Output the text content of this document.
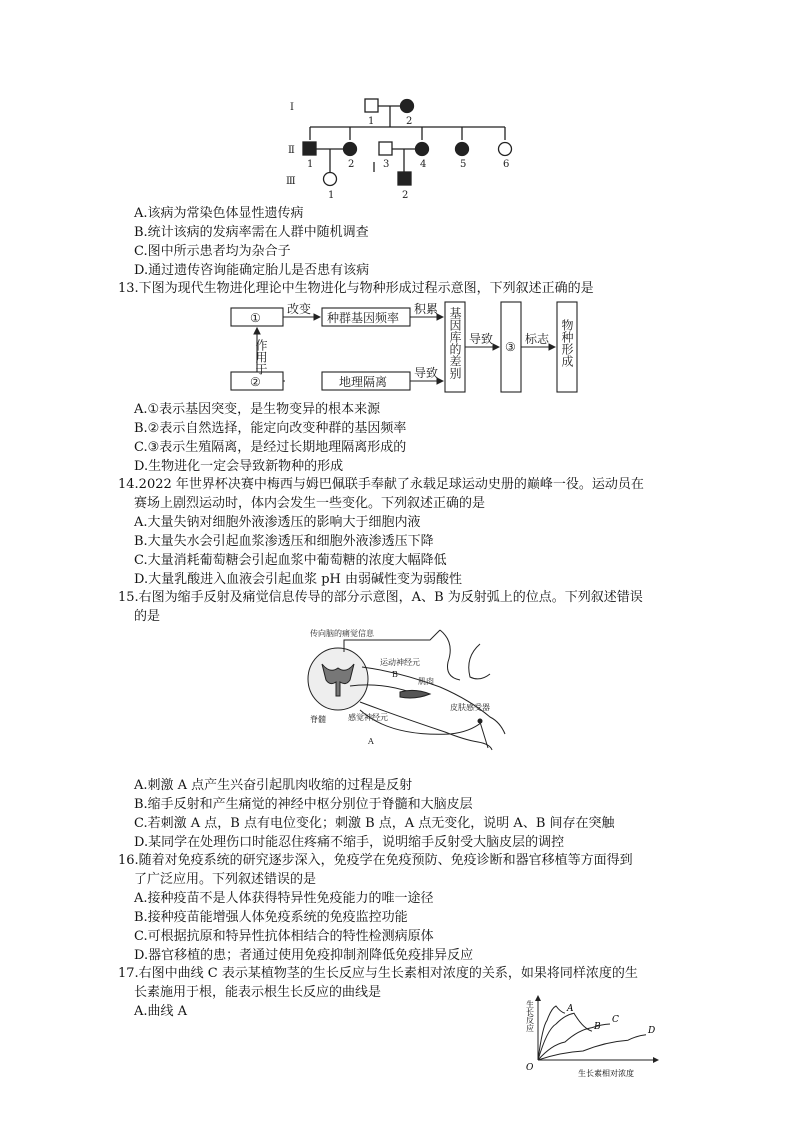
Ⅰ
Ⅱ
Ⅲ
1	2
1	2	3	4	5	6
1	2
A.该病为常染色体显性遗传病
B.统计该病的发病率需在人群中随机调查
C.图中所示患者均为杂合子
D.通过遗传咨询能确定胎儿是否患有该病
13.下图为现代生物进化理论中生物进化与物种形成过程示意图，下列叙述正确的是
①
②
种群基因频率
地理隔离
改变	积累
导致
导致
③
标志
作用于	基因库的差别	物种形成
A.①表示基因突变，是生物变异的根本来源
B.②表示自然选择，能定向改变种群的基因频率
C.③表示生殖隔离，是经过长期地理隔离形成的
D.生物进化一定会导致新物种的形成
14.2022 年世界杯决赛中梅西与姆巴佩联手奉献了永载足球运动史册的巅峰一役。运动员在
赛场上剧烈运动时，体内会发生一些变化。下列叙述正确的是
A.大量失钠对细胞外液渗透压的影响大于细胞内液
B.大量失水会引起血浆渗透压和细胞外液渗透压下降
C.大量消耗葡萄糖会引起血浆中葡萄糖的浓度大幅降低
D.大量乳酸进入血液会引起血浆 pH 由弱碱性变为弱酸性
15.右图为缩手反射及痛觉信息传导的部分示意图，A、B 为反射弧上的位点。下列叙述错误
的是
传向脑的痛觉信息
运动神经元
肌肉
皮肤感受器
脊髓	感觉神经元
A
B
A.刺激 A 点产生兴奋引起肌肉收缩的过程是反射
B.缩手反射和产生痛觉的神经中枢分别位于脊髓和大脑皮层
C.若刺激 A 点，B 点有电位变化；刺激 B 点，A 点无变化，说明 A、B 间存在突触
D.某同学在处理伤口时能忍住疼痛不缩手，说明缩手反射受大脑皮层的调控
16.随着对免疫系统的研究逐步深入，免疫学在免疫预防、免疫诊断和器官移植等方面得到
了广泛应用。下列叙述错误的是
A.接种疫苗不是人体获得特异性免疫能力的唯一途径
B.接种疫苗能增强人体免疫系统的免疫监控功能
C.可根据抗原和特异性抗体相结合的特性检测病原体
D.器官移植的患；者通过使用免疫抑制剂降低免疫排异反应
17.右图中曲线 C 表示某植物茎的生长反应与生长素相对浓度的关系，如果将同样浓度的生
长素施用于根，能表示根生长反应的曲线是
A.曲线 A
O
生长反应
生长素相对浓度
A
B
C
D
